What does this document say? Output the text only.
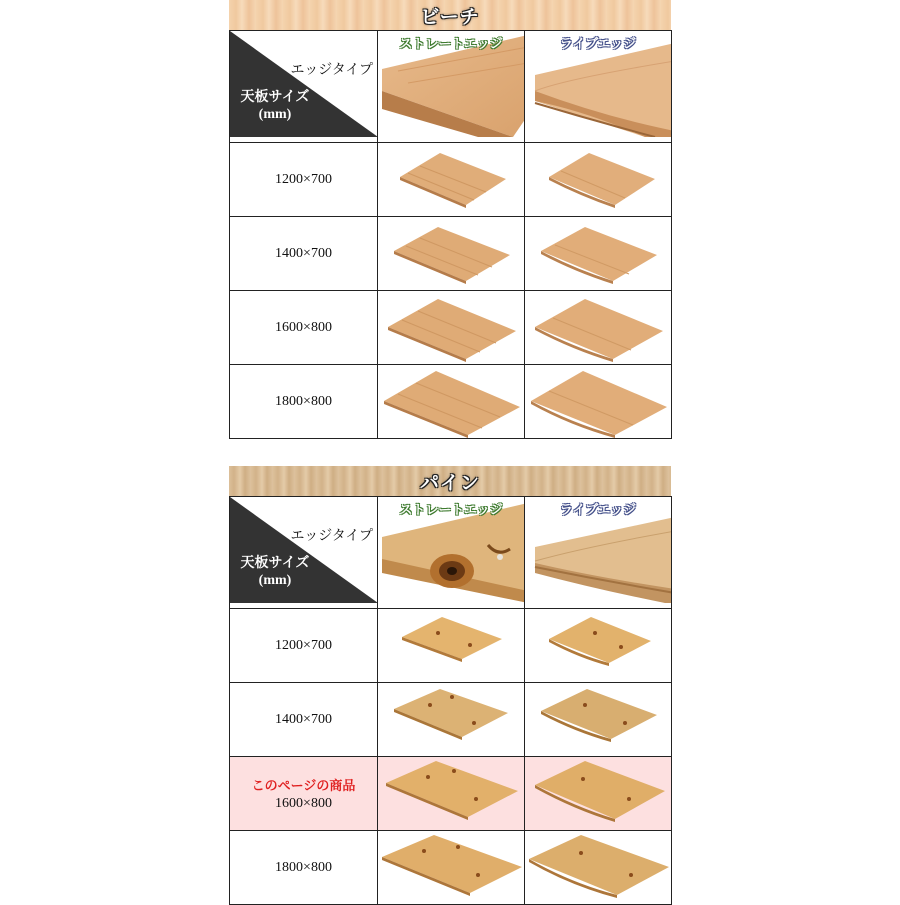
ビーチ
エッジタイプ
天板サイズ
(mm)	ストレートエッジ	ライブエッジ

1200×700	

1400×700	

1600×800	

1800×800	

パイン
エッジタイプ
天板サイズ
(mm)	ストレートエッジ	ライブエッジ

1200×700	

1400×700	

このページの商品
1600×800	

1800×800	
